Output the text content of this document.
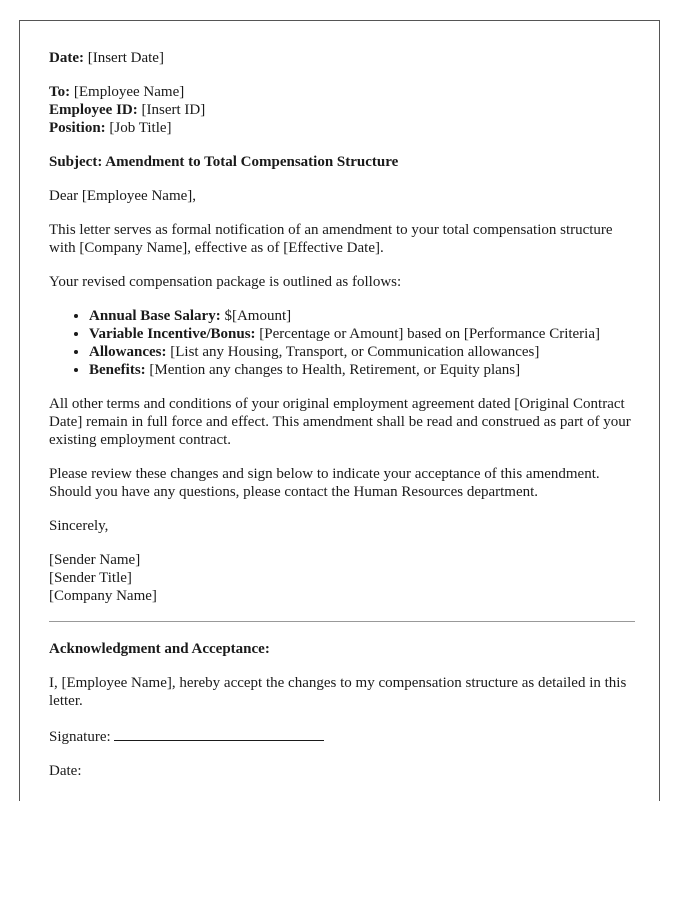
Date: [Insert Date]

To: [Employee Name]

Employee ID: [Insert ID]

Position: [Job Title]

Subject: Amendment to Total Compensation Structure

Dear [Employee Name],

This letter serves as formal notification of an amendment to your total compensation structure with [Company Name], effective as of [Effective Date].

Your revised compensation package is outlined as follows:

• Annual Base Salary: $[Amount]
• Variable Incentive/Bonus: [Percentage or Amount] based on [Performance Criteria]
• Allowances: [List any Housing, Transport, or Communication allowances]
• Benefits: [Mention any changes to Health, Retirement, or Equity plans]

All other terms and conditions of your original employment agreement dated [Original Contract Date] remain in full force and effect. This amendment shall be read and construed as part of your existing employment contract.

Please review these changes and sign below to indicate your acceptance of this amendment. Should you have any questions, please contact the Human Resources department.

Sincerely,

[Sender Name]

[Sender Title]

[Company Name]

Acknowledgment and Acceptance:

I, [Employee Name], hereby accept the changes to my compensation structure as detailed in this letter.

Signature:

Date:
